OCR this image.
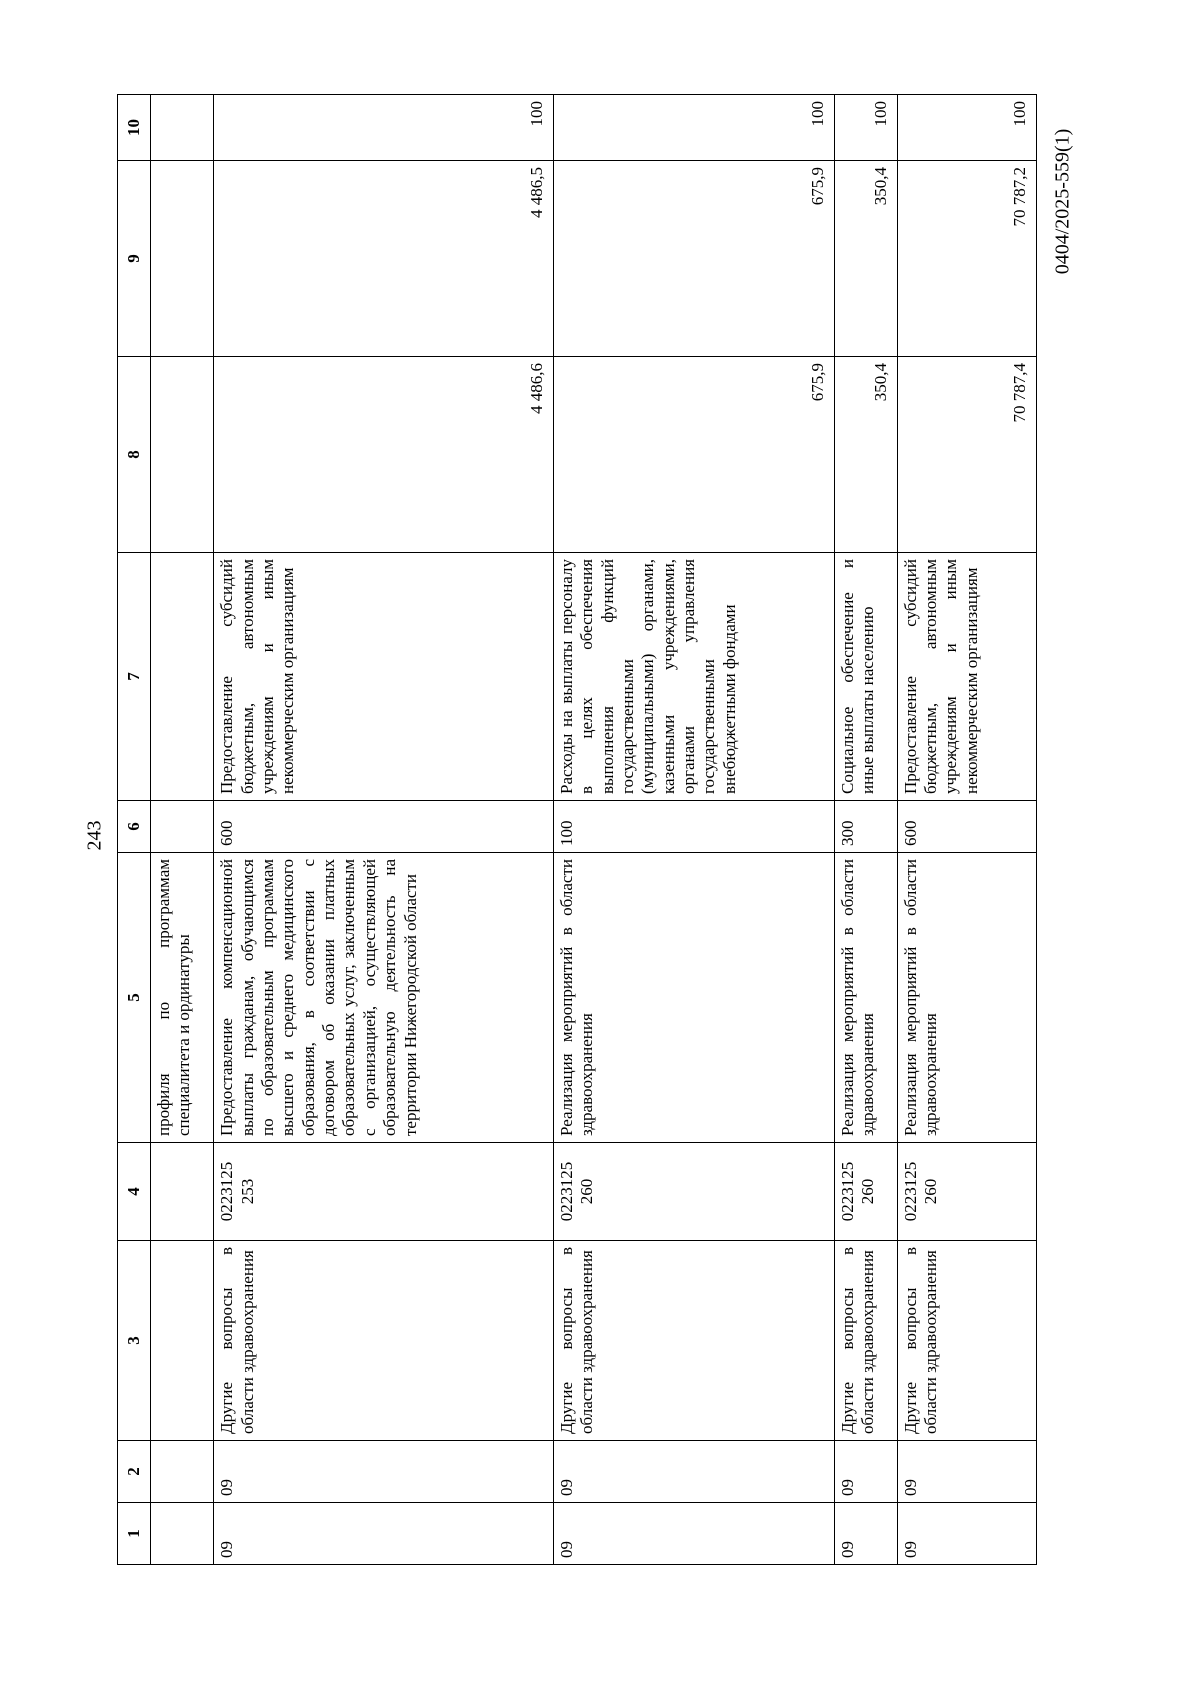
243
0404/2025-559(1)
1	2	3	4	5	6	7	8	9	10
				профиля по программам специалитета и ординатуры					
09	09	Другие вопросы в области здравоохранения	0223125 253	Предоставление компенсационной выплаты гражданам, обучающимся по образовательным программам высшего и среднего медицинского образования, в соответствии с договором об оказании платных образовательных услуг, заключенным с организацией, осуществляющей образовательную деятельность на территории Нижегородской области	600	Предоставление субсидий бюджетным, автономным учреждениям и иным некоммерческим организациям	4 486,6	4 486,5	100
09	09	Другие вопросы в области здравоохранения	0223125 260	Реализация мероприятий в области здравоохранения	100	Расходы на выплаты персоналу в целях обеспечения выполнения функций государственными (муниципальными) органами, казенными учреждениями, органами управления государственными внебюджетными фондами	675,9	675,9	100
09	09	Другие вопросы в области здравоохранения	0223125 260	Реализация мероприятий в области здравоохранения	300	Социальное обеспечение и иные выплаты населению	350,4	350,4	100
09	09	Другие вопросы в области здравоохранения	0223125 260	Реализация мероприятий в области здравоохранения	600	Предоставление субсидий бюджетным, автономным учреждениям и иным некоммерческим организациям	70 787,4	70 787,2	100
